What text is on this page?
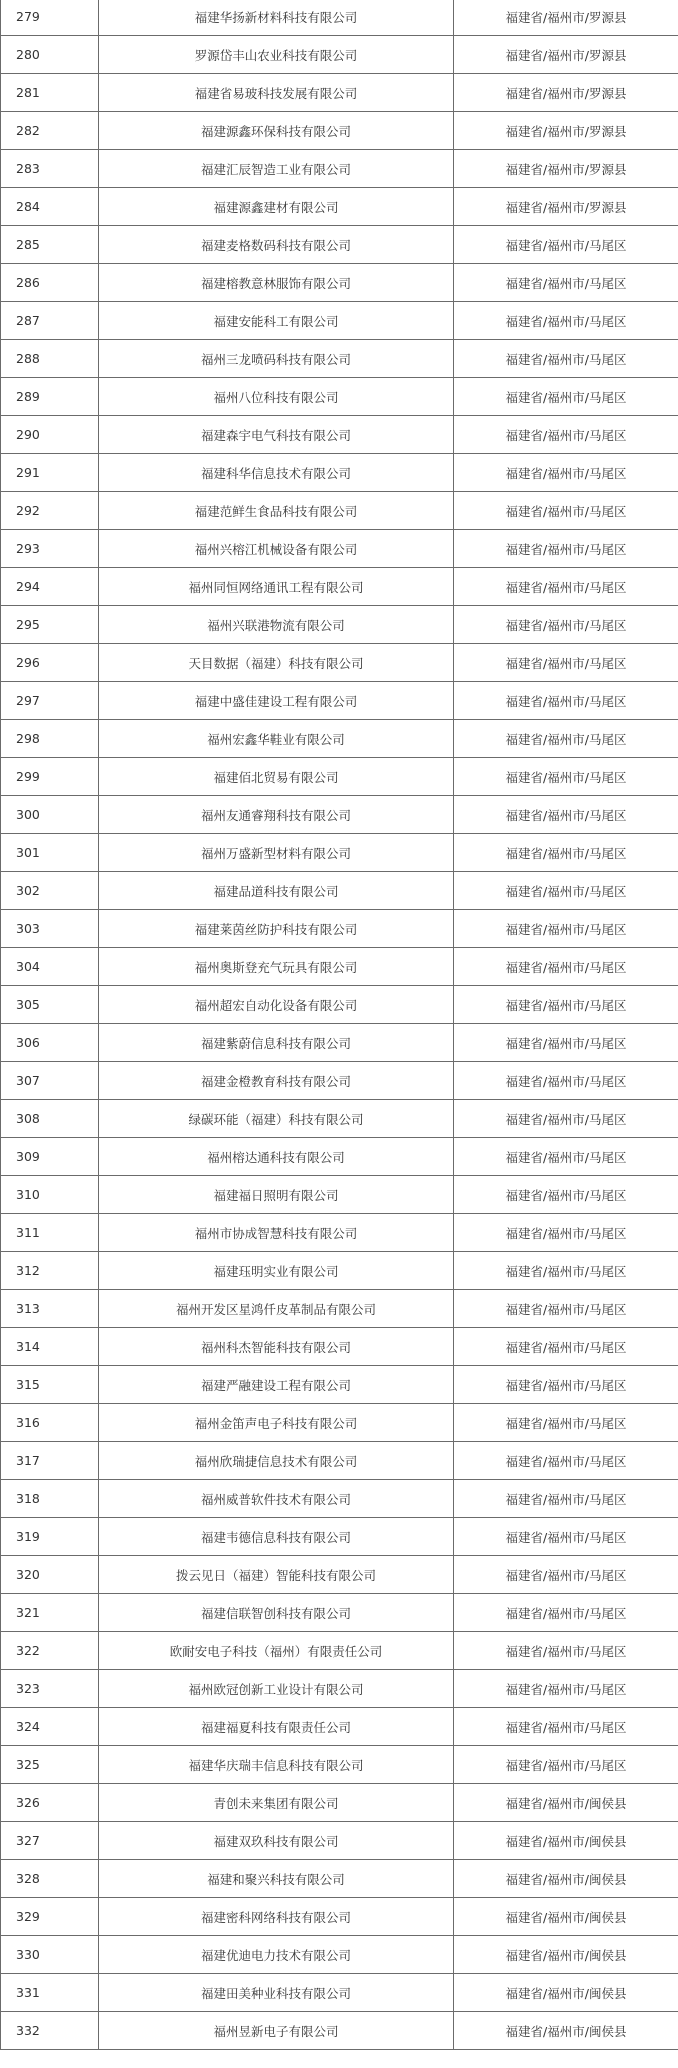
279	福建华扬新材料科技有限公司	福建省/福州市/罗源县
280	罗源岱丰山农业科技有限公司	福建省/福州市/罗源县
281	福建省易玻科技发展有限公司	福建省/福州市/罗源县
282	福建源鑫环保科技有限公司	福建省/福州市/罗源县
283	福建汇辰智造工业有限公司	福建省/福州市/罗源县
284	福建源鑫建材有限公司	福建省/福州市/罗源县
285	福建麦格数码科技有限公司	福建省/福州市/马尾区
286	福建榕教意林服饰有限公司	福建省/福州市/马尾区
287	福建安能科工有限公司	福建省/福州市/马尾区
288	福州三龙喷码科技有限公司	福建省/福州市/马尾区
289	福州八位科技有限公司	福建省/福州市/马尾区
290	福建森宇电气科技有限公司	福建省/福州市/马尾区
291	福建科华信息技术有限公司	福建省/福州市/马尾区
292	福建范鲜生食品科技有限公司	福建省/福州市/马尾区
293	福州兴榕江机械设备有限公司	福建省/福州市/马尾区
294	福州同恒网络通讯工程有限公司	福建省/福州市/马尾区
295	福州兴联港物流有限公司	福建省/福州市/马尾区
296	天目数据（福建）科技有限公司	福建省/福州市/马尾区
297	福建中盛佳建设工程有限公司	福建省/福州市/马尾区
298	福州宏鑫华鞋业有限公司	福建省/福州市/马尾区
299	福建佰北贸易有限公司	福建省/福州市/马尾区
300	福州友通睿翔科技有限公司	福建省/福州市/马尾区
301	福州万盛新型材料有限公司	福建省/福州市/马尾区
302	福建品道科技有限公司	福建省/福州市/马尾区
303	福建莱茵丝防护科技有限公司	福建省/福州市/马尾区
304	福州奥斯登充气玩具有限公司	福建省/福州市/马尾区
305	福州超宏自动化设备有限公司	福建省/福州市/马尾区
306	福建紫蔚信息科技有限公司	福建省/福州市/马尾区
307	福建金橙教育科技有限公司	福建省/福州市/马尾区
308	绿碳环能（福建）科技有限公司	福建省/福州市/马尾区
309	福州榕达通科技有限公司	福建省/福州市/马尾区
310	福建福日照明有限公司	福建省/福州市/马尾区
311	福州市协成智慧科技有限公司	福建省/福州市/马尾区
312	福建珏明实业有限公司	福建省/福州市/马尾区
313	福州开发区星鸿仟皮革制品有限公司	福建省/福州市/马尾区
314	福州科杰智能科技有限公司	福建省/福州市/马尾区
315	福建严融建设工程有限公司	福建省/福州市/马尾区
316	福州金笛声电子科技有限公司	福建省/福州市/马尾区
317	福州欣瑞捷信息技术有限公司	福建省/福州市/马尾区
318	福州威普软件技术有限公司	福建省/福州市/马尾区
319	福建韦德信息科技有限公司	福建省/福州市/马尾区
320	拨云见日（福建）智能科技有限公司	福建省/福州市/马尾区
321	福建信联智创科技有限公司	福建省/福州市/马尾区
322	欧耐安电子科技（福州）有限责任公司	福建省/福州市/马尾区
323	福州欧冠创新工业设计有限公司	福建省/福州市/马尾区
324	福建福夏科技有限责任公司	福建省/福州市/马尾区
325	福建华庆瑞丰信息科技有限公司	福建省/福州市/马尾区
326	青创未来集团有限公司	福建省/福州市/闽侯县
327	福建双玖科技有限公司	福建省/福州市/闽侯县
328	福建和聚兴科技有限公司	福建省/福州市/闽侯县
329	福建密科网络科技有限公司	福建省/福州市/闽侯县
330	福建优迪电力技术有限公司	福建省/福州市/闽侯县
331	福建田美种业科技有限公司	福建省/福州市/闽侯县
332	福州昱新电子有限公司	福建省/福州市/闽侯县
